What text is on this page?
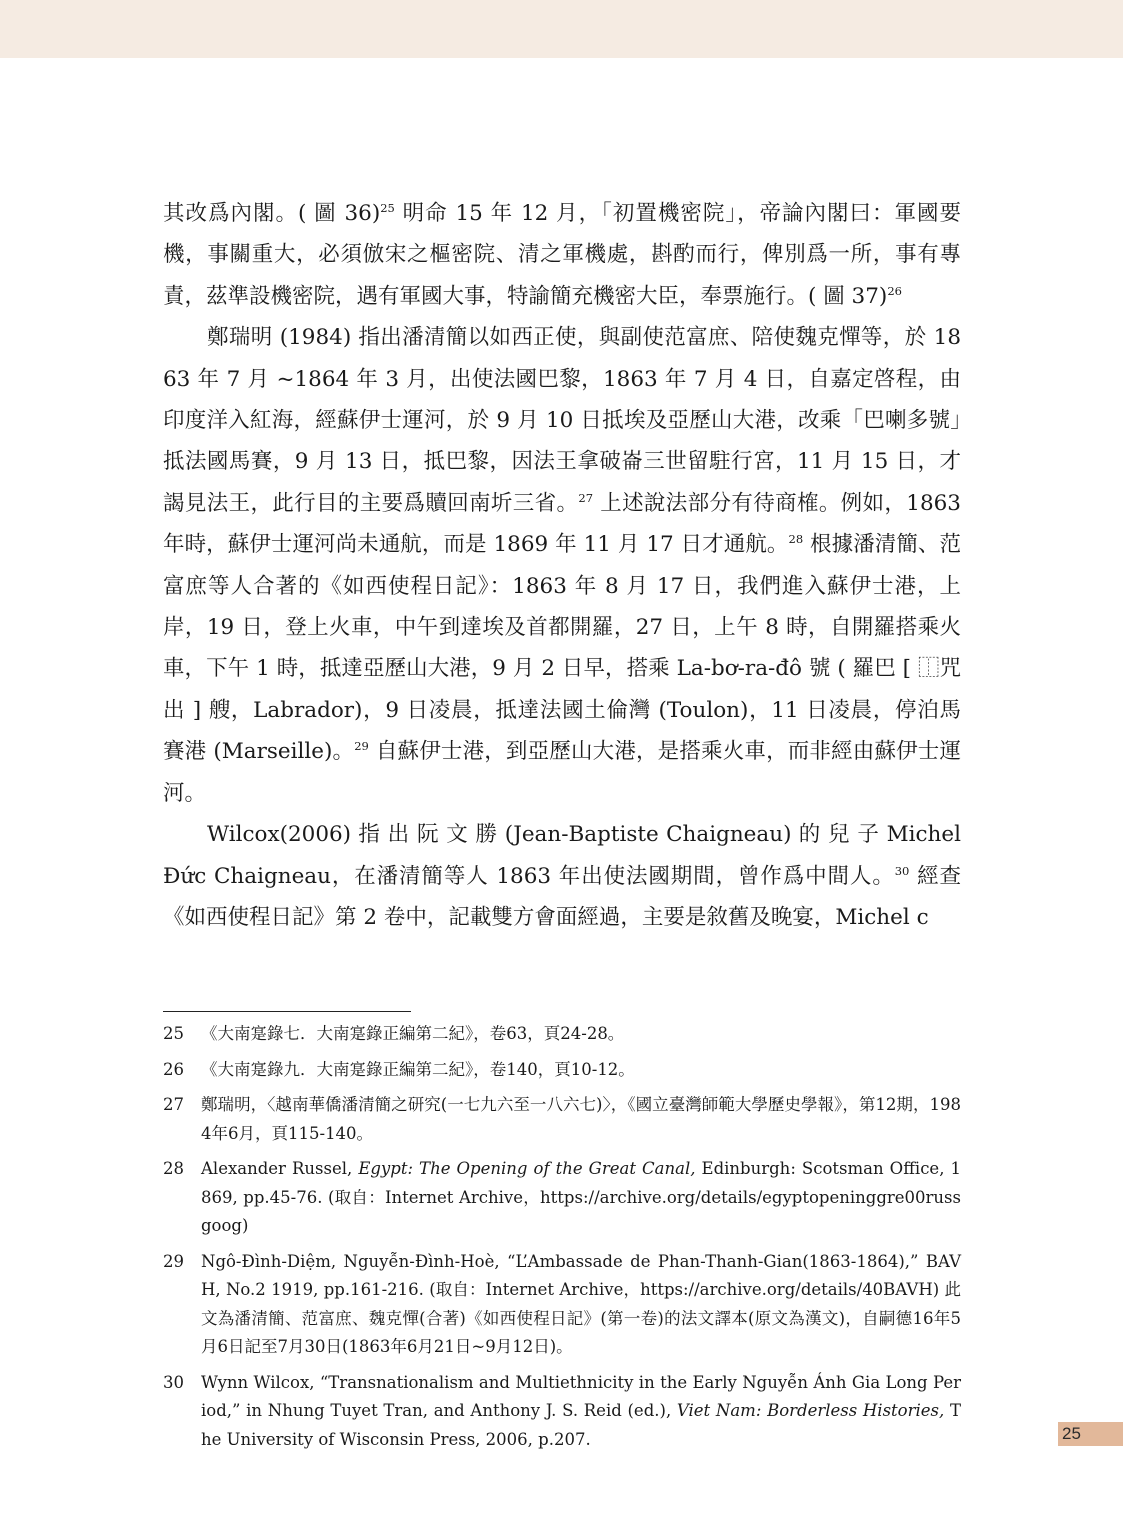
其改爲內閣。( 圖 36)$^{25}$ 明命 15 年 12 月，「初置機密院」，帝論內閣曰：軍國要機，事關重大，必須倣宋之樞密院、清之軍機處，斟酌而行，俾別爲一所，事有專責，茲準設機密院，遇有軍國大事，特諭簡充機密大臣，奉票施行。( 圖 37)$^{26}$

鄭瑞明 (1984) 指出潘清簡以如西正使，與副使范富庶、陪使魏克憚等，於 1863 年 7 月 ~1864 年 3 月，出使法國巴黎，1863 年 7 月 4 日，自嘉定啓程，由印度洋入紅海，經蘇伊士運河，於 9 月 10 日抵埃及亞歷山大港，改乘「巴喇多號」抵法國馬賽，9 月 13 日，抵巴黎，因法王拿破崙三世留駐行宮，11 月 15 日，才謁見法王，此行目的主要爲贖回南圻三省。$^{27}$ 上述說法部分有待商榷。例如，1863 年時，蘇伊士運河尚未通航，而是 1869 年 11 月 17 日才通航。$^{28}$ 根據潘清簡、范富庶等人合著的《如西使程日記》：1863 年 8 月 17 日，我們進入蘇伊士港，上岸，19 日，登上火車，中午到達埃及首都開羅，27 日，上午 8 時，自開羅搭乘火車，下午 1 時，抵達亞歷山大港，9 月 2 日早，搭乘 La-bơ-ra-đô 號 ( 羅巴 [ ⿰咒出 ] 艘，Labrador)，9 日凌晨，抵達法國土倫灣 (Toulon)，11 日凌晨，停泊馬賽港 (Marseille)。$^{29}$ 自蘇伊士港，到亞歷山大港，是搭乘火車，而非經由蘇伊士運河。

Wilcox(2006) 指 出 阮 文 勝 (Jean-Baptiste Chaigneau) 的 兒 子 Michel Đức Chaigneau，在潘清簡等人 1863 年出使法國期間，曾作爲中間人。$^{30}$ 經查《如西使程日記》第 2 卷中，記載雙方會面經過，主要是敘舊及晚宴，Michel c

25	《大南寔錄七．大南寔錄正編第二紀》，卷63，頁24-28。
26	《大南寔錄九．大南寔錄正編第二紀》，卷140，頁10-12。
27	鄭瑞明，〈越南華僑潘清簡之研究(一七九六至一八六七)〉，《國立臺灣師範大學歷史學報》，第12期，1984年6月，頁115-140。
28	Alexander Russel, Egypt: The Opening of the Great Canal, Edinburgh: Scotsman Office, 1869, pp.45-76. (取自：Internet Archive，https://archive.org/details/egyptopeninggre00russgoog)
29	Ngô-Đình-Diệm, Nguyễn-Đình-Hoè, “L’Ambassade de Phan-Thanh-Gian(1863-1864),” BAVH, No.2 1919, pp.161-216. (取自：Internet Archive，https://archive.org/details/40BAVH) 此文為潘清簡、范富庶、魏克憚(合著)《如西使程日記》(第一卷)的法文譯本(原文為漢文)，自嗣德16年5月6日記至7月30日(1863年6月21日~9月12日)。
30	Wynn Wilcox, “Transnationalism and Multiethnicity in the Early Nguyễn Ánh Gia Long Period,” in Nhung Tuyet Tran, and Anthony J. S. Reid (ed.), Viet Nam: Borderless Histories, The University of Wisconsin Press, 2006, p.207.	25
